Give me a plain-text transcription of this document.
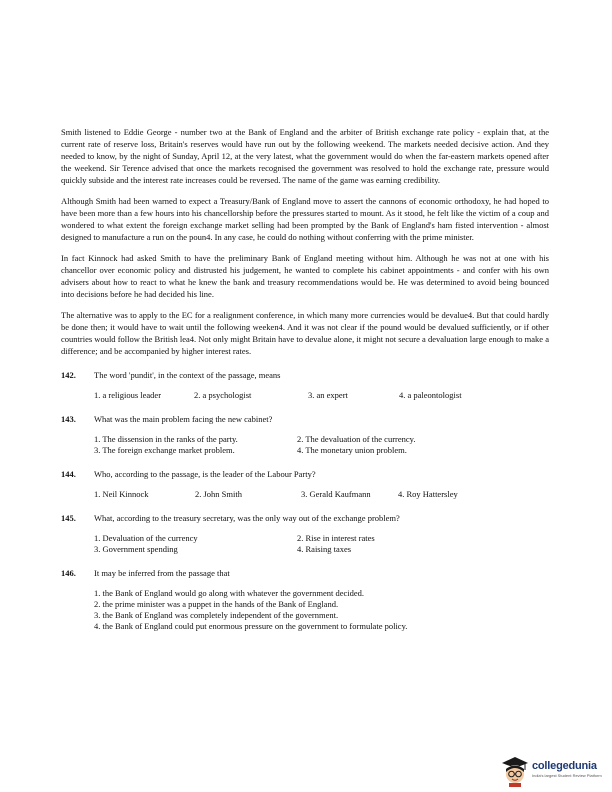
Smith listened to Eddie George - number two at the Bank of England and the arbiter of British exchange rate policy - explain that, at the current rate of reserve loss, Britain's reserves would have run out by the following weekend. The markets needed decisive action. And they needed to know, by the night of Sunday, April 12, at the very latest, what the government would do when the far-eastern markets opened after the weekend. Sir Terence advised that once the markets recognised the government was resolved to hold the exchange rate, pressure would quickly subside and the interest rate increases could be reversed. The name of the game was earning credibility.

Although Smith had been warned to expect a Treasury/Bank of England move to assert the cannons of economic orthodoxy, he had hoped to have been more than a few hours into his chancellorship before the pressures started to mount. As it stood, he felt like the victim of a coup and wondered to what extent the foreign exchange market selling had been prompted by the Bank of England's ham fisted intervention - almost designed to manufacture a run on the poun4. In any case, he could do nothing without conferring with the prime minister.

In fact Kinnock had asked Smith to have the preliminary Bank of England meeting without him. Although he was not at one with his chancellor over economic policy and distrusted his judgement, he wanted to complete his cabinet appointments - and confer with his own advisers about how to react to what he knew the bank and treasury recommendations would be. He was determined to avoid being bounced into decisions before he had decided his line.

The alternative was to apply to the EC for a realignment conference, in which many more currencies would be devalue4. But that could hardly be done then; it would have to wait until the following weeken4. And it was not clear if the pound would be devalued sufficiently, or if other countries would follow the British lea4. Not only might Britain have to devalue alone, it might not secure a devaluation large enough to make a difference; and be accompanied by higher interest rates.

142.	The word 'pundit', in the context of the passage, means
1. a religious leader	2. a psychologist	3. an expert	4. a paleontologist
143.	What was the main problem facing the new cabinet?
1. The dissension in the ranks of the party.	2. The devaluation of the currency.
3. The foreign exchange market problem.	4. The monetary union problem.
144.	Who, according to the passage, is the leader of the Labour Party?
1. Neil Kinnock	2. John Smith	3. Gerald Kaufmann	4. Roy Hattersley
145.	What, according to the treasury secretary, was the only way out of the exchange problem?
1. Devaluation of the currency	2. Rise in interest rates
3. Government spending	4. Raising taxes
146.	It may be inferred from the passage that
1. the Bank of England would go along with whatever the government decided.
2. the prime minister was a puppet in the hands of the Bank of England.
3. the Bank of England was completely independent of the government.
4. the Bank of England could put enormous pressure on the government to formulate policy.
collegedunia
India's largest Student Review Platform
